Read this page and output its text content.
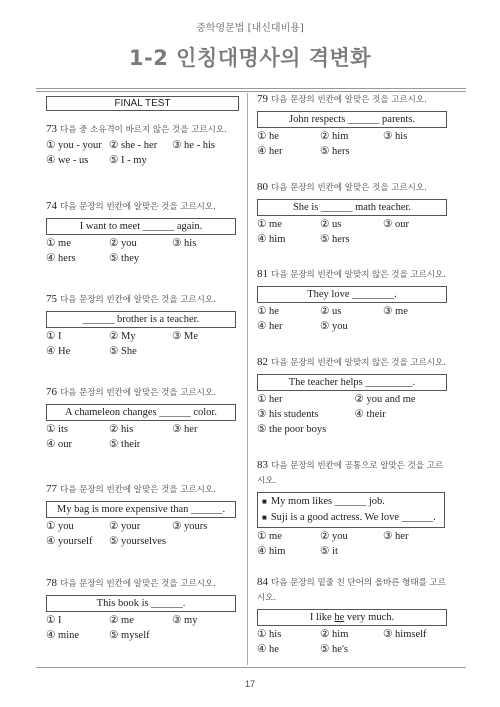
중학영문법 [내신대비용]
1-2 인칭대명사의 격변화
FINAL TEST
73 다음 중 소유격이 바르지 않은 것을 고르시오.
① you - your ② she - her	③ he - his
④ we - us	⑤ I - my
74 다음 문장의 빈칸에 알맞은 것을 고르시오.
I want to meet ______ again.
① me	② you	③ his
④ hers	⑤ they
75 다음 문장의 빈칸에 알맞은 것을 고르시오.
______ brother is a teacher.
① I	② My	③ Me
④ He	⑤ She
76 다음 문장의 빈칸에 알맞은 것을 고르시오.
A chameleon changes ______ color.
① its	② his	③ her
④ our	⑤ their
77 다음 문장의 빈칸에 알맞은 것을 고르시오.
My bag is more expensive than ______.
① you	② your	③ yours
④ yourself	⑤ yourselves
78 다음 문장의 빈칸에 알맞은 것을 고르시오.
This book is ______.
① I	② me	③ my
④ mine	⑤ myself
79 다음 문장의 빈칸에 알맞은 것을 고르시오.
John respects ______ parents.
① he	② him	③ his
④ her	⑤ hers
80 다음 문장의 빈칸에 알맞은 것을 고르시오.
She is ______ math teacher.
① me	② us	③ our
④ him	⑤ hers
81 다음 문장의 빈칸에 알맞지 않은 것을 고르시오.
They love ________.
① he	② us	③ me
④ her	⑤ you
82 다음 문장의 빈칸에 알맞지 않은 것을 고르시오.
The teacher helps _________.
① her	② you and me
③ his students	④ their
⑤ the poor boys
83 다음 문장의 빈칸에 공통으로 알맞은 것을 고르시오.
■ My mom likes ______ job.
■ Suji is a good actress. We love ______.
① me	② you	③ her
④ him	⑤ it
84 다음 문장의 밑줄 친 단어의 올바른 형태를 고르시오.
I like he very much.
① his	② him	③ himself
④ he	⑤ he's
17
